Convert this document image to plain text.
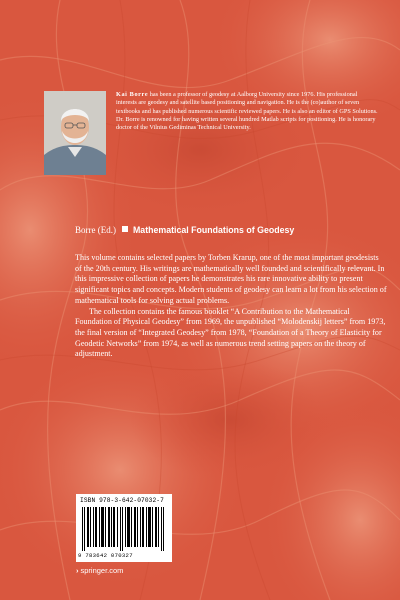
Kai Borre has been a professor of geodesy at Aalborg University since 1976. His professional interests are geodesy and satellite based positioning and navigation. He is the (co)author of seven textbooks and has published numerous scientific reviewed papers. He is also an editor of GPS Solutions. Dr. Borre is renowned for having written several hundred Matlab scripts for positioning. He is honorary doctor of the Vilnius Gediminas Technical University.
Borre (Ed.) Mathematical Foundations of Geodesy

This volume contains selected papers by Torben Krarup, one of the most important geodesists of the 20th century. His writings are mathematically well founded and scientifically relevant. In this impressive collection of papers he demonstrates his rare innovative ability to present significant topics and concepts. Modern students of geodesy can learn a lot from his selection of mathematical tools for solving actual problems.

The collection contains the famous booklet “A Contribution to the Mathematical Foundation of Physical Geodesy” from 1969, the unpublished “Molodenskij letters” from 1973, the final version of “Integrated Geodesy” from 1978, “Foundation of a Theory of Elasticity for Geodetic Networks” from 1974, as well as numerous trend setting papers on the theory of adjustment.

ISBN 978-3-642-07032-7
9 783642 070327
› springer.com
